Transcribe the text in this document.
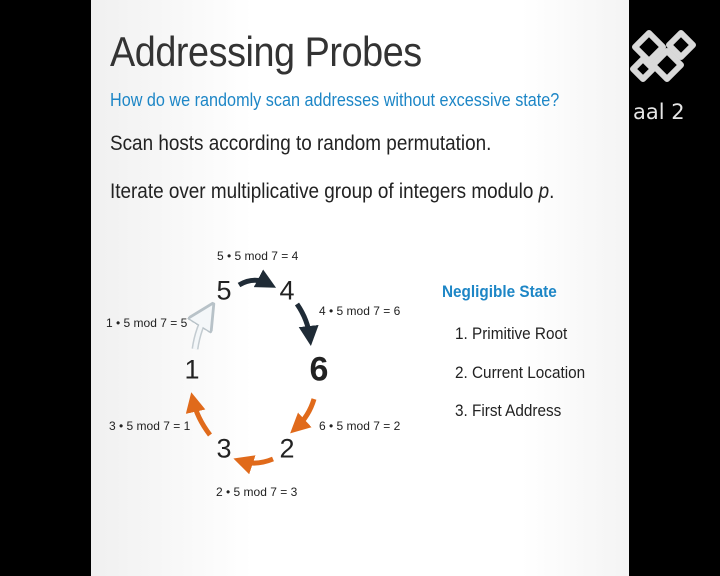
Addressing Probes
How do we randomly scan addresses without excessive state?
Scan hosts according to random permutation.
Iterate over multiplicative group of integers modulo p.
5 4
6
2
3
1
5 • 5 mod 7 = 4
4 • 5 mod 7 = 6
6 • 5 mod 7 = 2
2 • 5 mod 7 = 3
3 • 5 mod 7 = 1
1 • 5 mod 7 = 5
Negligible State
1. Primitive Root
2. Current Location
3. First Address
aal 2
